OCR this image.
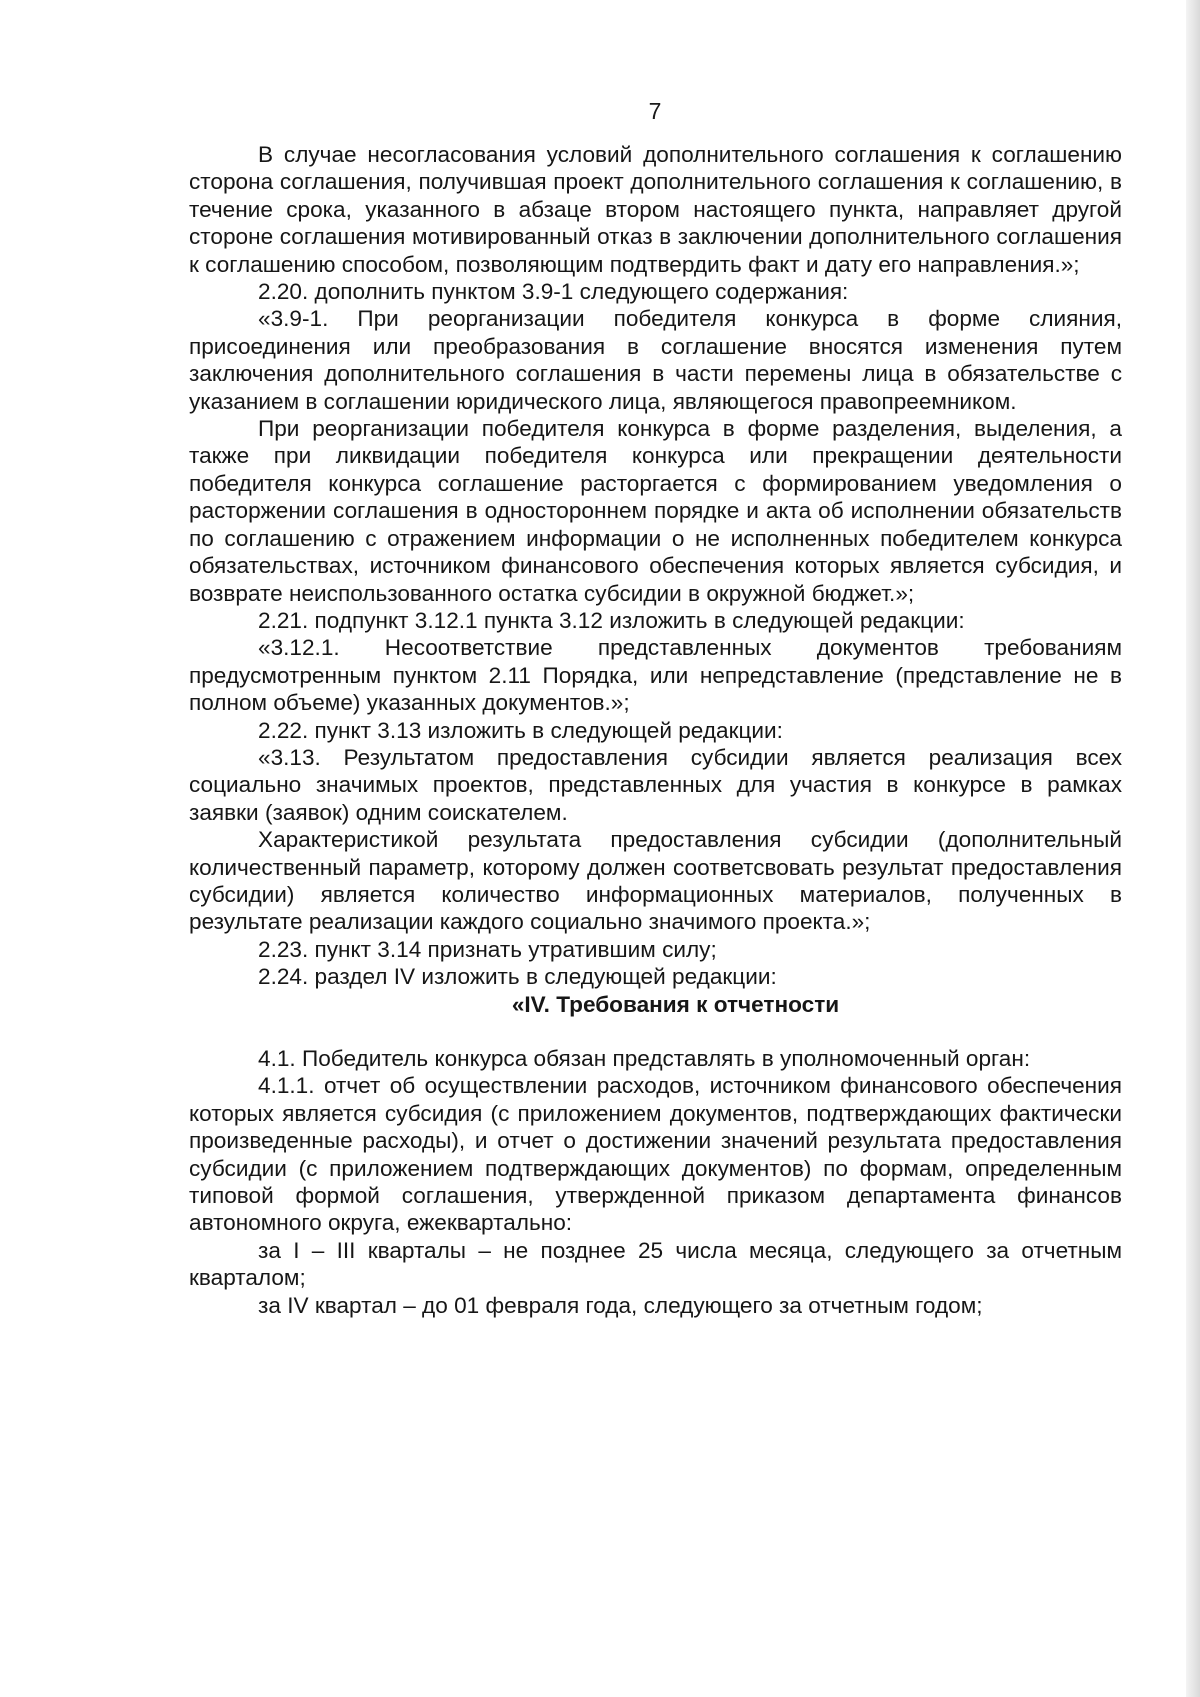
7

В случае несогласования условий дополнительного соглашения к соглашению сторона соглашения, получившая проект дополнительного соглашения к соглашению, в течение срока, указанного в абзаце втором настоящего пункта, направляет другой стороне соглашения мотивированный отказ в заключении дополнительного соглашения к соглашению способом, позволяющим подтвердить факт и дату его направления.»;

2.20. дополнить пунктом 3.9-1 следующего содержания:

«3.9-1. При реорганизации победителя конкурса в форме слияния, присоединения или преобразования в соглашение вносятся изменения путем заключения дополнительного соглашения в части перемены лица в обязательстве с указанием в соглашении юридического лица, являющегося правопреемником.

При реорганизации победителя конкурса в форме разделения, выделения, а также при ликвидации победителя конкурса или прекращении деятельности победителя конкурса соглашение расторгается с формированием уведомления о расторжении соглашения в одностороннем порядке и акта об исполнении обязательств по соглашению с отражением информации о не исполненных победителем конкурса обязательствах, источником финансового обеспечения которых является субсидия, и возврате неиспользованного остатка субсидии в окружной бюджет.»;

2.21. подпункт 3.12.1 пункта 3.12 изложить в следующей редакции:

«3.12.1. Несоответствие представленных документов требованиям предусмотренным пунктом 2.11 Порядка, или непредставление (представление не в полном объеме) указанных документов.»;

2.22. пункт 3.13 изложить в следующей редакции:

«3.13. Результатом предоставления субсидии является реализация всех социально значимых проектов, представленных для участия в конкурсе в рамках заявки (заявок) одним соискателем.

Характеристикой результата предоставления субсидии (дополнительный количественный параметр, которому должен соответсвовать результат предоставления субсидии) является количество информационных материалов, полученных в результате реализации каждого социально значимого проекта.»;

2.23. пункт 3.14 признать утратившим силу;

2.24. раздел IV изложить в следующей редакции:

«IV. Требования к отчетности

4.1. Победитель конкурса обязан представлять в уполномоченный орган:

4.1.1. отчет об осуществлении расходов, источником финансового обеспечения которых является субсидия (с приложением документов, подтверждающих фактически произведенные расходы), и отчет о достижении значений результата предоставления субсидии (с приложением подтверждающих документов) по формам, определенным типовой формой соглашения, утвержденной приказом департамента финансов автономного округа, ежеквартально:

за I – III кварталы – не позднее 25 числа месяца, следующего за отчетным кварталом;

за IV квартал – до 01 февраля года, следующего за отчетным годом;
